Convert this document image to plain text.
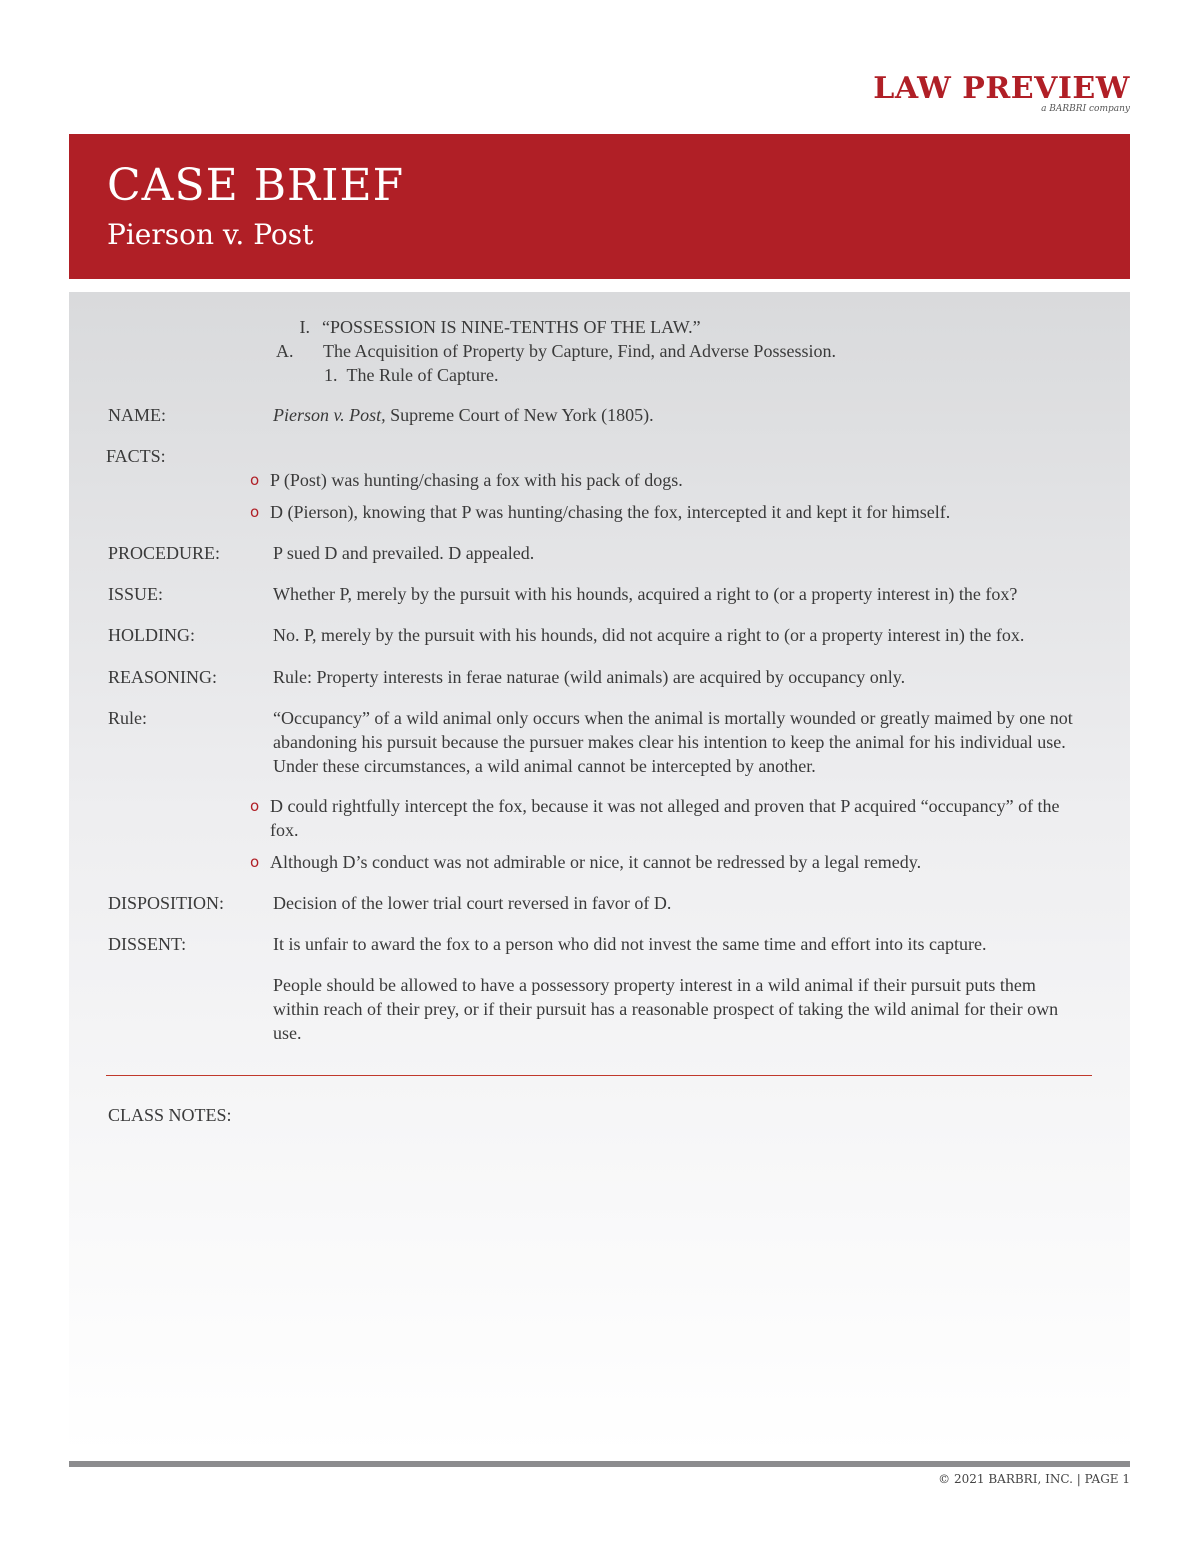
LAW PREVIEW
a BARBRI company
CASE BRIEF
Pierson v. Post
I. “POSSESSION IS NINE-TENTHS OF THE LAW.”
A.	The Acquisition of Property by Capture, Find, and Adverse Possession.
1. The Rule of Capture.
NAME:	Pierson v. Post, Supreme Court of New York (1805).
FACTS:
o P (Post) was hunting/chasing a fox with his pack of dogs.
o D (Pierson), knowing that P was hunting/chasing the fox, intercepted it and kept it for himself.
PROCEDURE:	P sued D and prevailed. D appealed.
ISSUE:	Whether P, merely by the pursuit with his hounds, acquired a right to (or a property interest in) the fox?
HOLDING:	No. P, merely by the pursuit with his hounds, did not acquire a right to (or a property interest in) the fox.
REASONING:	Rule: Property interests in ferae naturae (wild animals) are acquired by occupancy only.
Rule:	“Occupancy” of a wild animal only occurs when the animal is mortally wounded or greatly maimed by one not abandoning his pursuit because the pursuer makes clear his intention to keep the animal for his individual use. Under these circumstances, a wild animal cannot be intercepted by another.
o D could rightfully intercept the fox, because it was not alleged and proven that P acquired “occupancy” of the fox.
o Although D’s conduct was not admirable or nice, it cannot be redressed by a legal remedy.
DISPOSITION:	Decision of the lower trial court reversed in favor of D.
DISSENT:	It is unfair to award the fox to a person who did not invest the same time and effort into its capture.
People should be allowed to have a possessory property interest in a wild animal if their pursuit puts them within reach of their prey, or if their pursuit has a reasonable prospect of taking the wild animal for their own use.
CLASS NOTES:
© 2021 BARBRI, INC. | PAGE 1
